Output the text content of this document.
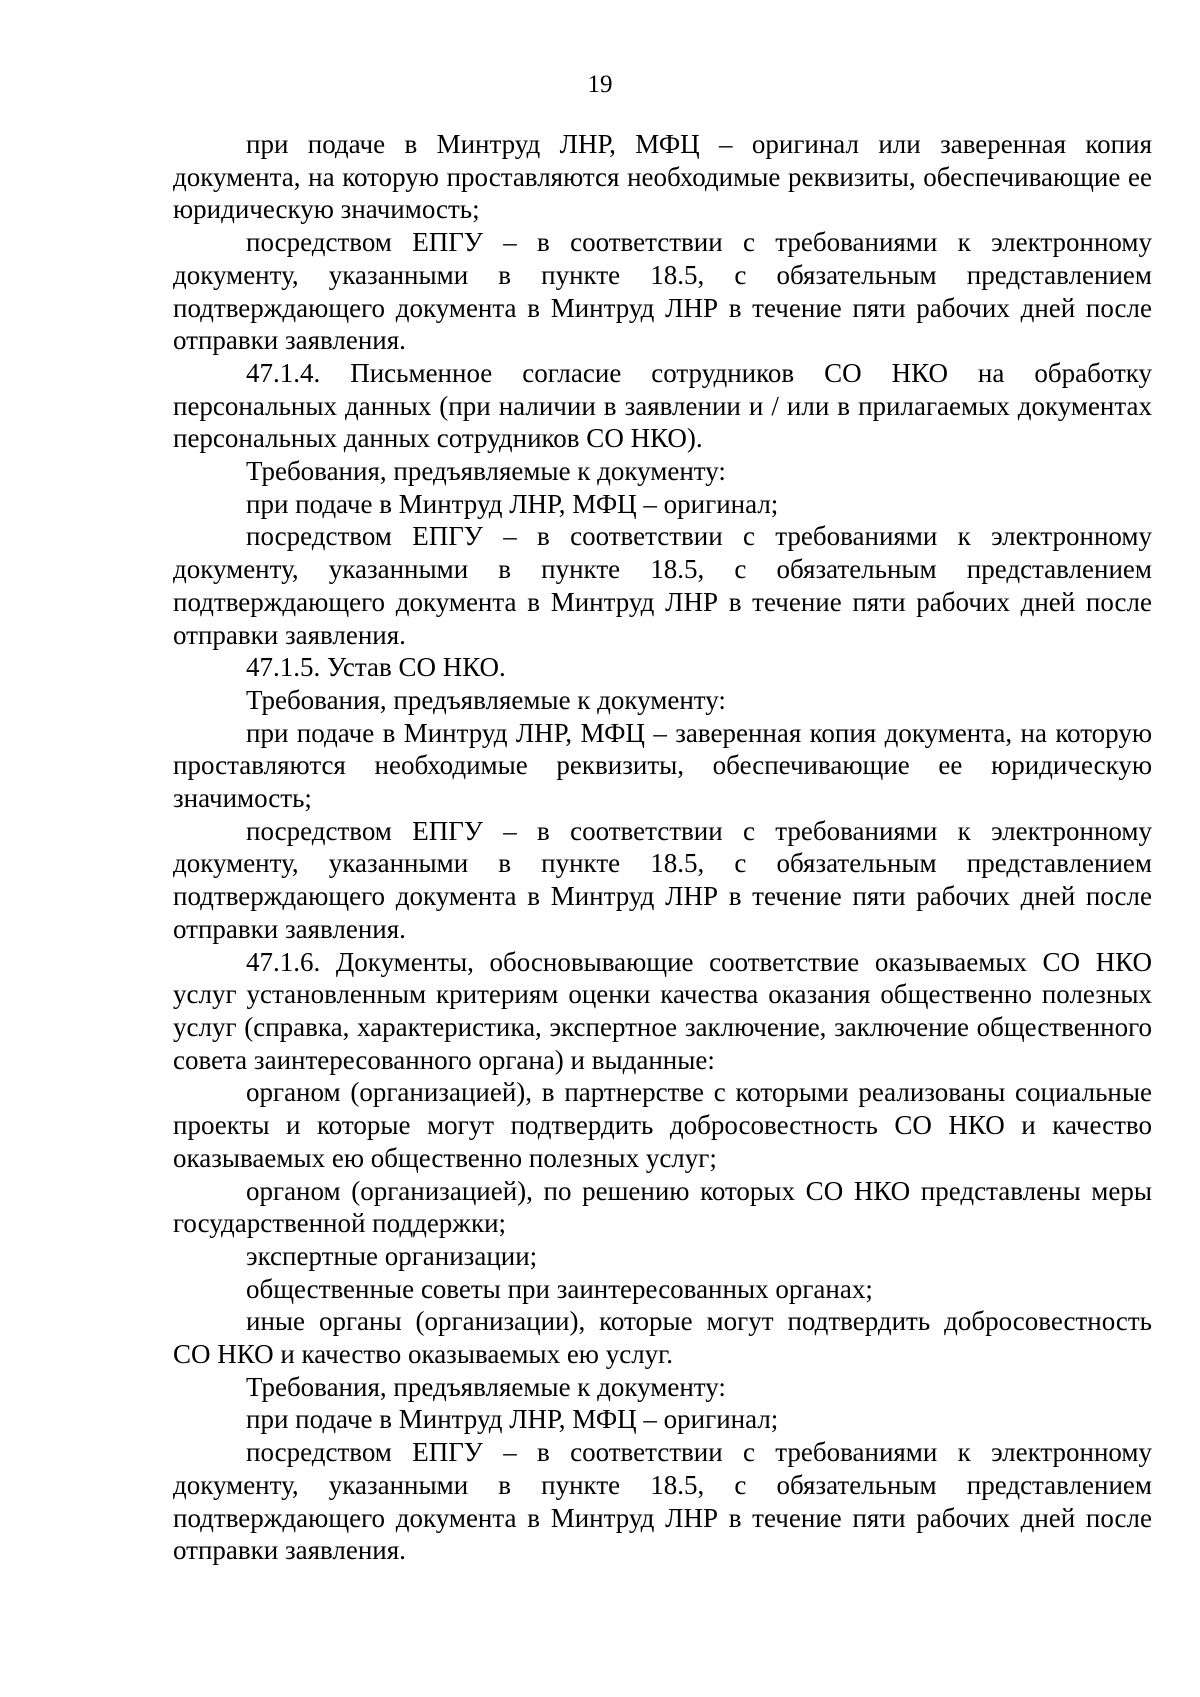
19

при подаче в Минтруд ЛНР, МФЦ – оригинал или заверенная копия документа, на которую проставляются необходимые реквизиты, обеспечивающие ее юридическую значимость;

посредством ЕПГУ – в соответствии с требованиями к электронному документу, указанными в пункте 18.5, с обязательным представлением подтверждающего документа в Минтруд ЛНР в течение пяти рабочих дней после отправки заявления.

47.1.4. Письменное согласие сотрудников СО НКО на обработку персональных данных (при наличии в заявлении и / или в прилагаемых документах персональных данных сотрудников СО НКО).

Требования, предъявляемые к документу:

при подаче в Минтруд ЛНР, МФЦ – оригинал;

посредством ЕПГУ – в соответствии с требованиями к электронному документу, указанными в пункте 18.5, с обязательным представлением подтверждающего документа в Минтруд ЛНР в течение пяти рабочих дней после отправки заявления.

47.1.5. Устав СО НКО.

Требования, предъявляемые к документу:

при подаче в Минтруд ЛНР, МФЦ – заверенная копия документа, на которую проставляются необходимые реквизиты, обеспечивающие ее юридическую значимость;

посредством ЕПГУ – в соответствии с требованиями к электронному документу, указанными в пункте 18.5, с обязательным представлением подтверждающего документа в Минтруд ЛНР в течение пяти рабочих дней после отправки заявления.

47.1.6. Документы, обосновывающие соответствие оказываемых СО НКО услуг установленным критериям оценки качества оказания общественно полезных услуг (справка, характеристика, экспертное заключение, заключение общественного совета заинтересованного органа) и выданные:

органом (организацией), в партнерстве с которыми реализованы социальные проекты и которые могут подтвердить добросовестность СО НКО и качество оказываемых ею общественно полезных услуг;

органом (организацией), по решению которых СО НКО представлены меры государственной поддержки;

экспертные организации;

общественные советы при заинтересованных органах;

иные органы (организации), которые могут подтвердить добросовестность СО НКО и качество оказываемых ею услуг.

Требования, предъявляемые к документу:

при подаче в Минтруд ЛНР, МФЦ – оригинал;

посредством ЕПГУ – в соответствии с требованиями к электронному документу, указанными в пункте 18.5, с обязательным представлением подтверждающего документа в Минтруд ЛНР в течение пяти рабочих дней после отправки заявления.
